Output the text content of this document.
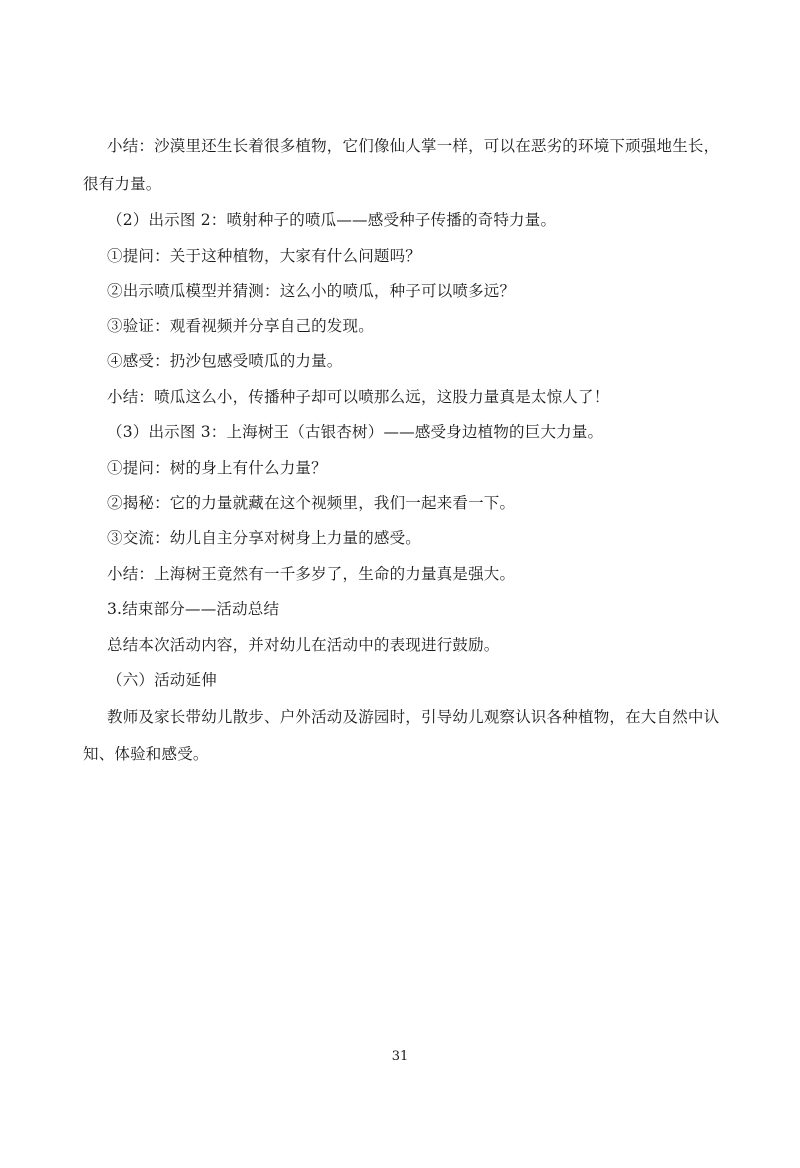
小结：沙漠里还生长着很多植物，它们像仙人掌一样，可以在恶劣的环境下顽强地生长，
很有力量。
（2）出示图 2：喷射种子的喷瓜——感受种子传播的奇特力量。
①提问：关于这种植物，大家有什么问题吗？
②出示喷瓜模型并猜测：这么小的喷瓜，种子可以喷多远？
③验证：观看视频并分享自己的发现。
④感受：扔沙包感受喷瓜的力量。
小结：喷瓜这么小，传播种子却可以喷那么远，这股力量真是太惊人了！
（3）出示图 3：上海树王（古银杏树）——感受身边植物的巨大力量。
①提问：树的身上有什么力量？
②揭秘：它的力量就藏在这个视频里，我们一起来看一下。
③交流：幼儿自主分享对树身上力量的感受。
小结：上海树王竟然有一千多岁了，生命的力量真是强大。
3.结束部分——活动总结
总结本次活动内容，并对幼儿在活动中的表现进行鼓励。
（六）活动延伸
教师及家长带幼儿散步、户外活动及游园时，引导幼儿观察认识各种植物，在大自然中认
知、体验和感受。
31
